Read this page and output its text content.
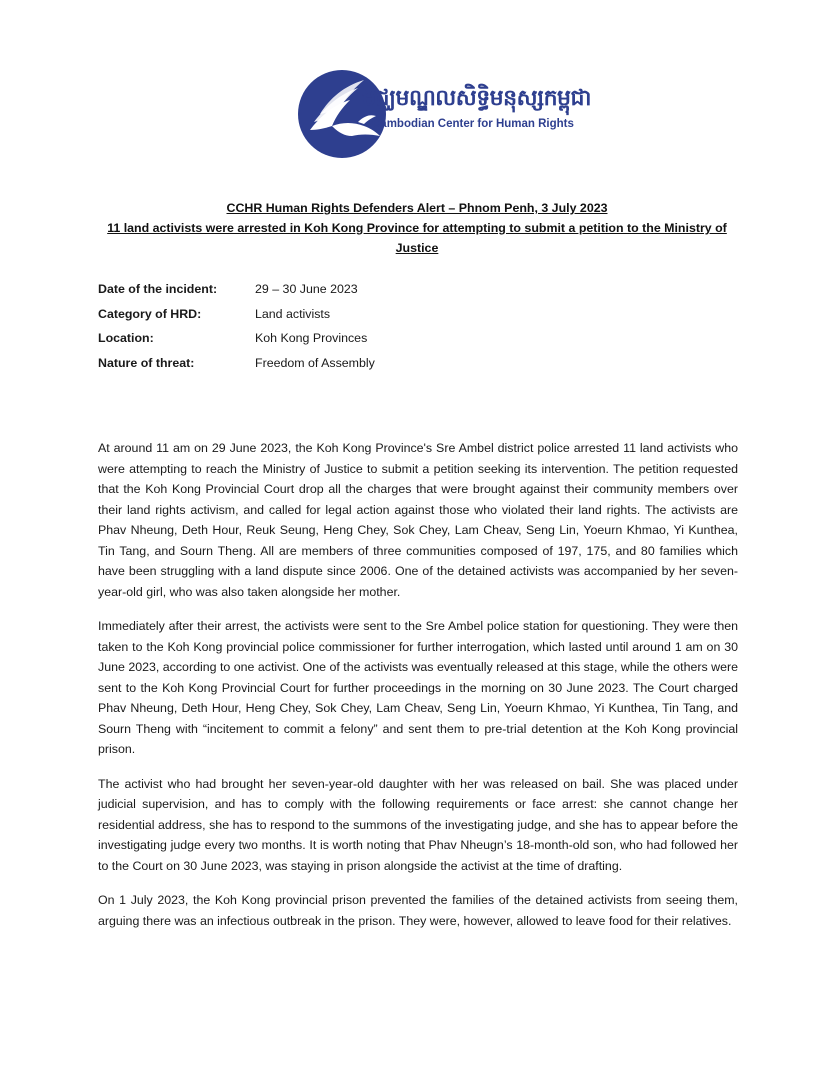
មជ្ឈមណ្ឌលសិទ្ធិមនុស្សកម្ពុជា
Cambodian Center for Human Rights
CCHR Human Rights Defenders Alert – Phnom Penh, 3 July 2023
11 land activists were arrested in Koh Kong Province for attempting to submit a petition to the Ministry of Justice
Date of the incident:	29 – 30 June 2023
Category of HRD:	Land activists
Location:	Koh Kong Provinces
Nature of threat:	Freedom of Assembly

At around 11 am on 29 June 2023, the Koh Kong Province's Sre Ambel district police arrested 11 land activists who were attempting to reach the Ministry of Justice to submit a petition seeking its intervention. The petition requested that the Koh Kong Provincial Court drop all the charges that were brought against their community members over their land rights activism, and called for legal action against those who violated their land rights. The activists are Phav Nheung, Deth Hour, Reuk Seung, Heng Chey, Sok Chey, Lam Cheav, Seng Lin, Yoeurn Khmao, Yi Kunthea, Tin Tang, and Sourn Theng. All are members of three communities composed of 197, 175, and 80 families which have been struggling with a land dispute since 2006. One of the detained activists was accompanied by her seven-year-old girl, who was also taken alongside her mother.

Immediately after their arrest, the activists were sent to the Sre Ambel police station for questioning. They were then taken to the Koh Kong provincial police commissioner for further interrogation, which lasted until around 1 am on 30 June 2023, according to one activist. One of the activists was eventually released at this stage, while the others were sent to the Koh Kong Provincial Court for further proceedings in the morning on 30 June 2023. The Court charged Phav Nheung, Deth Hour, Heng Chey, Sok Chey, Lam Cheav, Seng Lin, Yoeurn Khmao, Yi Kunthea, Tin Tang, and Sourn Theng with “incitement to commit a felony” and sent them to pre-trial detention at the Koh Kong provincial prison.

The activist who had brought her seven-year-old daughter with her was released on bail. She was placed under judicial supervision, and has to comply with the following requirements or face arrest: she cannot change her residential address, she has to respond to the summons of the investigating judge, and she has to appear before the investigating judge every two months. It is worth noting that Phav Nheugn’s 18-month-old son, who had followed her to the Court on 30 June 2023, was staying in prison alongside the activist at the time of drafting.

On 1 July 2023, the Koh Kong provincial prison prevented the families of the detained activists from seeing them, arguing there was an infectious outbreak in the prison. They were, however, allowed to leave food for their relatives.
